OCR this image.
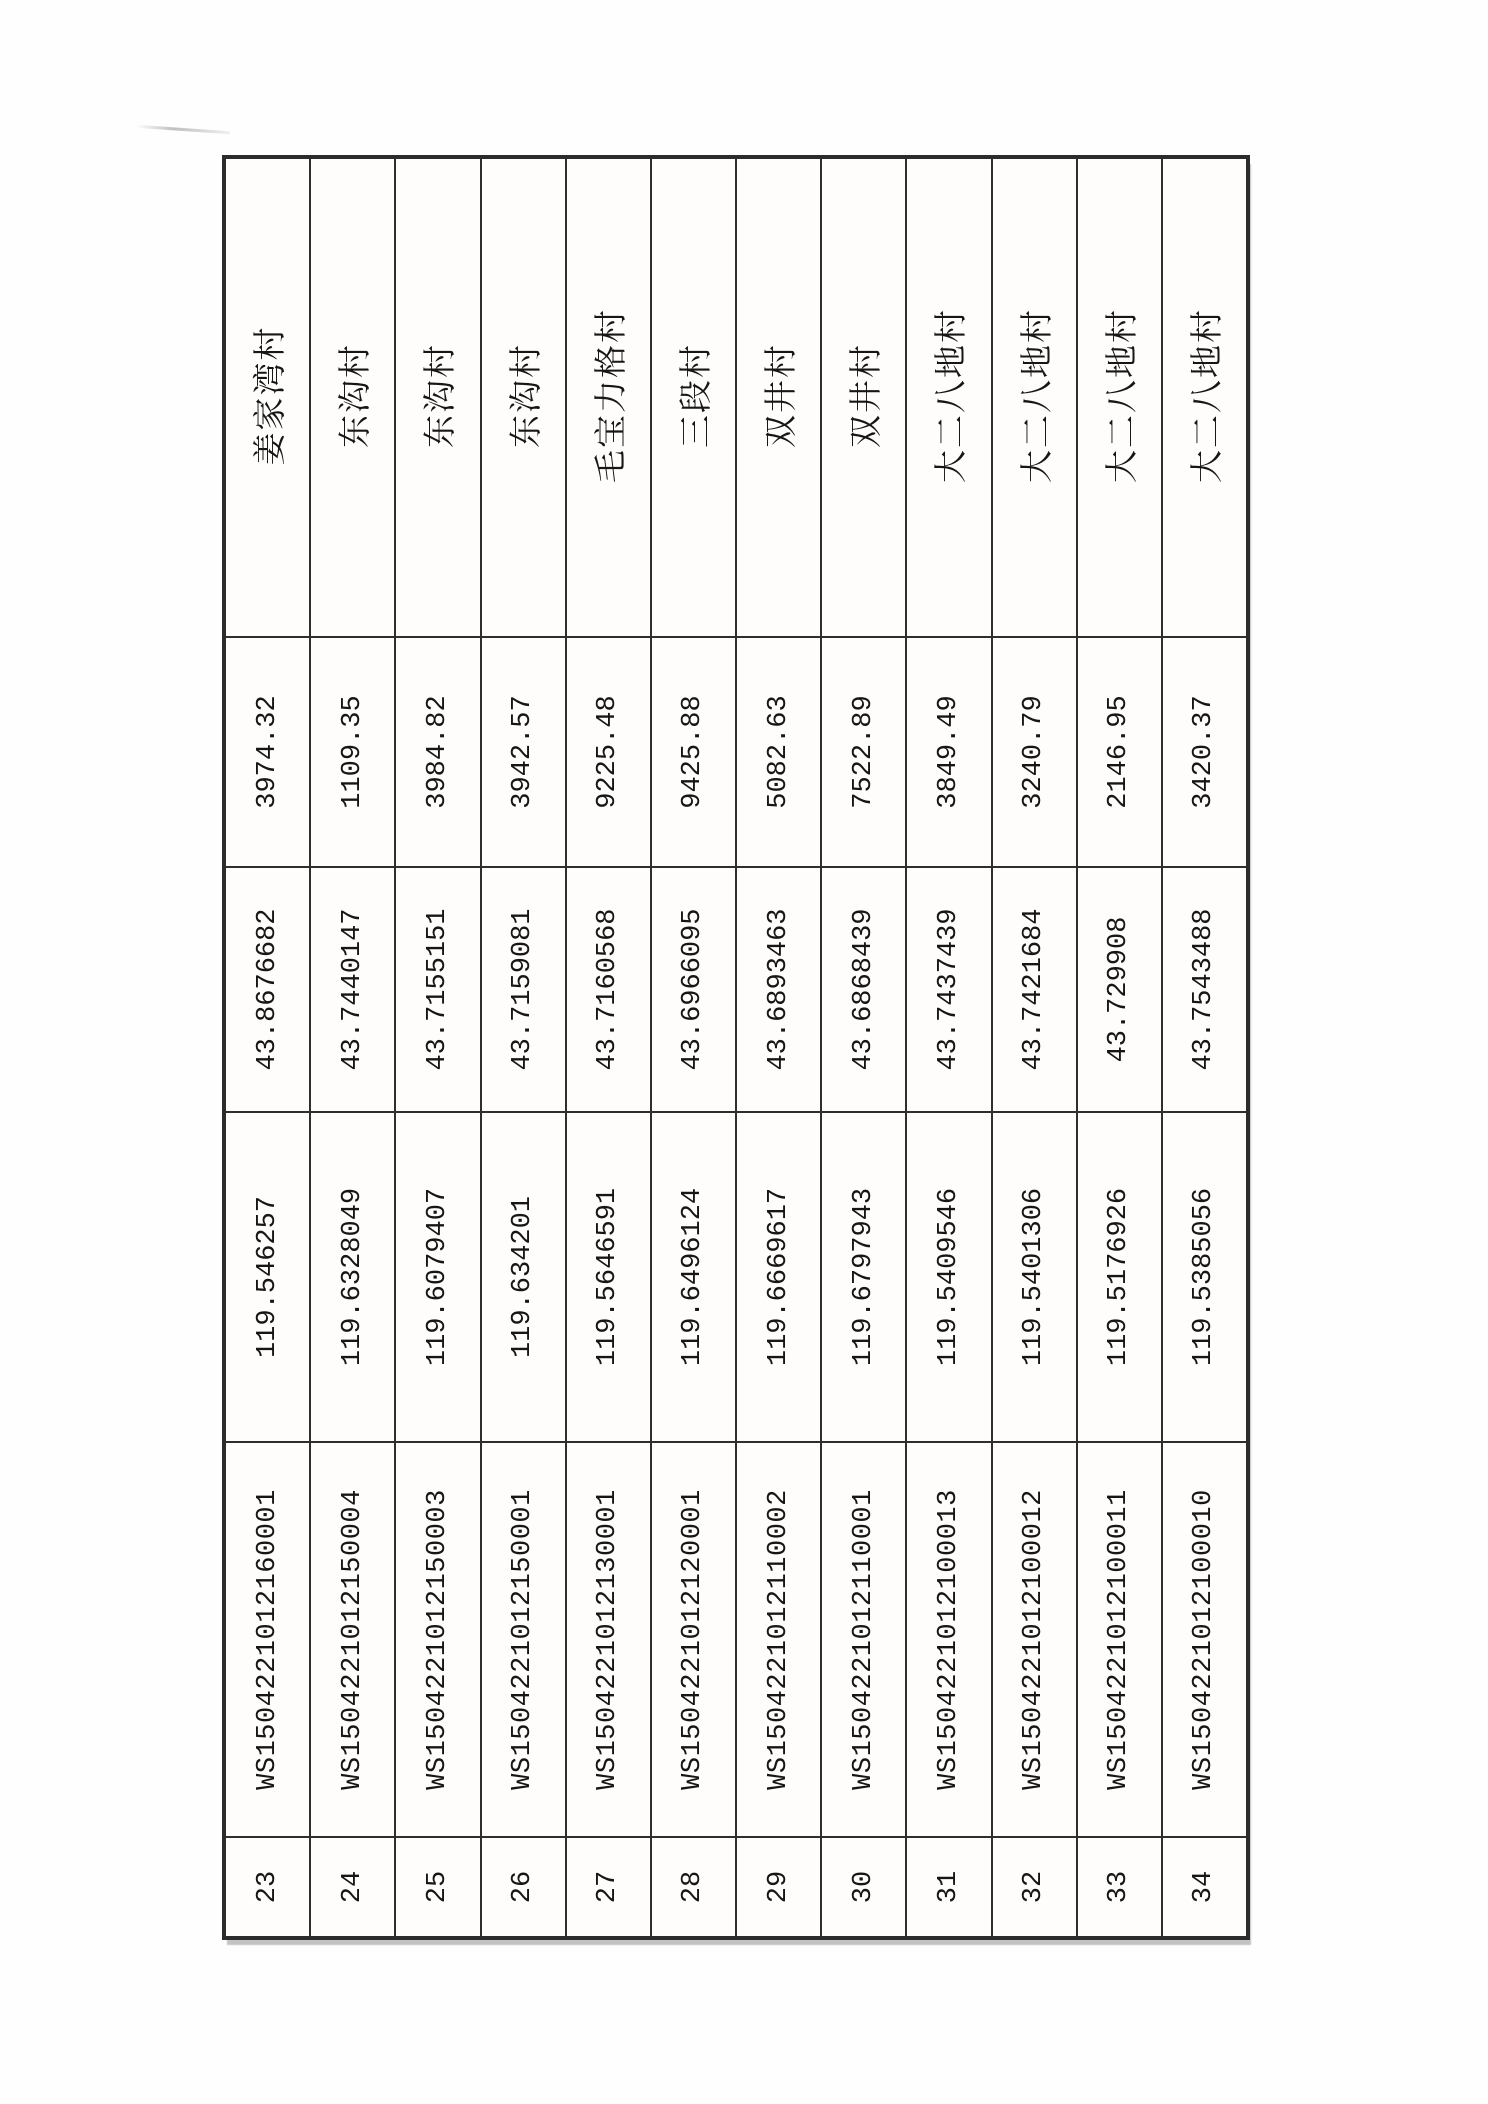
23
WS1504221012160001
119.546257
43.8676682
3974.32
姜家湾村
24
WS1504221012150004
119.6328049
43.7440147
1109.35
东沟村
25
WS1504221012150003
119.6079407
43.7155151
3984.82
东沟村
26
WS1504221012150001
119.634201
43.7159081
3942.57
东沟村
27
WS1504221012130001
119.5646591
43.7160568
9225.48
毛宝力格村
28
WS1504221012120001
119.6496124
43.6966095
9425.88
三段村
29
WS1504221012110002
119.6669617
43.6893463
5082.63
双井村
30
WS1504221012110001
119.6797943
43.6868439
7522.89
双井村
31
WS1504221012100013
119.5409546
43.7437439
3849.49
大二八地村
32
WS1504221012100012
119.5401306
43.7421684
3240.79
大二八地村
33
WS1504221012100011
119.5176926
43.729908
2146.95
大二八地村
34
WS1504221012100010
119.5385056
43.7543488
3420.37
大二八地村
